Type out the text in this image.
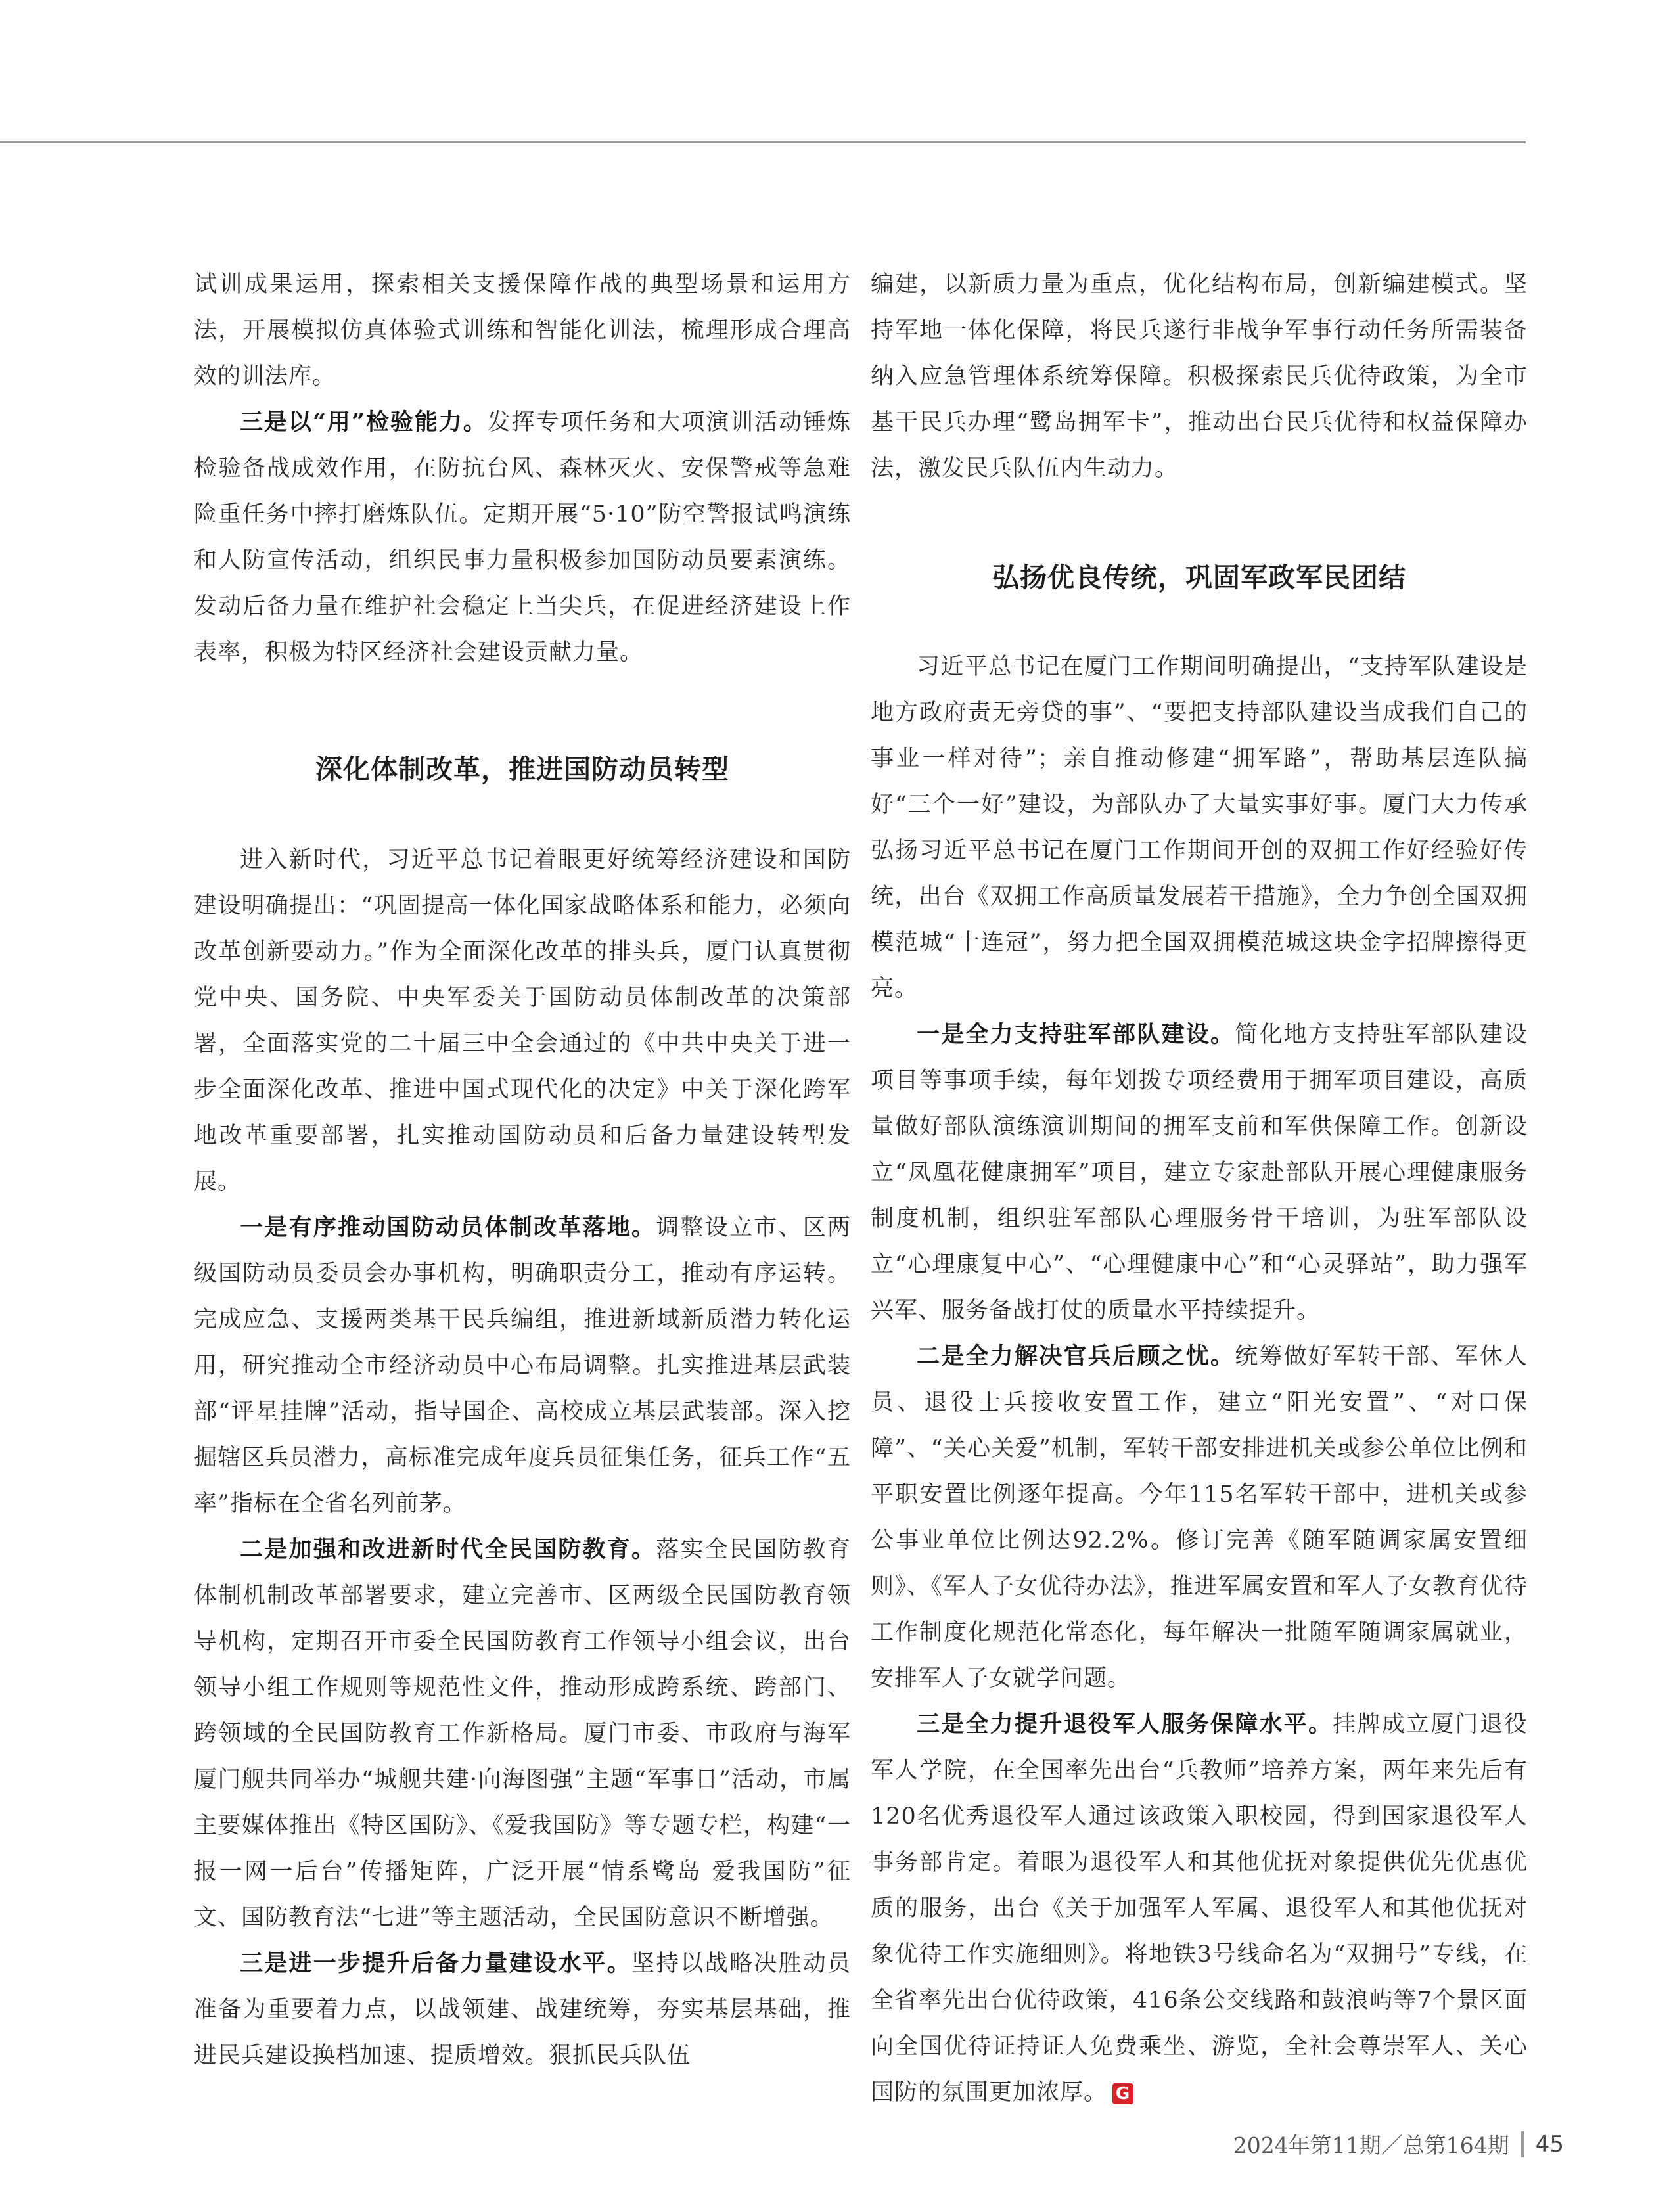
试训成果运用，探索相关支援保障作战的典型场景和运用方法，开展模拟仿真体验式训练和智能化训法，梳理形成合理高效的训法库。

三是以“用”检验能力。发挥专项任务和大项演训活动锤炼检验备战成效作用，在防抗台风、森林灭火、安保警戒等急难险重任务中摔打磨炼队伍。定期开展“5·10”防空警报试鸣演练和人防宣传活动，组织民事力量积极参加国防动员要素演练。发动后备力量在维护社会稳定上当尖兵，在促进经济建设上作表率，积极为特区经济社会建设贡献力量。

深化体制改革，推进国防动员转型

进入新时代，习近平总书记着眼更好统筹经济建设和国防建设明确提出：“巩固提高一体化国家战略体系和能力，必须向改革创新要动力。”作为全面深化改革的排头兵，厦门认真贯彻党中央、国务院、中央军委关于国防动员体制改革的决策部署，全面落实党的二十届三中全会通过的《中共中央关于进一步全面深化改革、推进中国式现代化的决定》中关于深化跨军地改革重要部署，扎实推动国防动员和后备力量建设转型发展。

一是有序推动国防动员体制改革落地。调整设立市、区两级国防动员委员会办事机构，明确职责分工，推动有序运转。完成应急、支援两类基干民兵编组，推进新域新质潜力转化运用，研究推动全市经济动员中心布局调整。扎实推进基层武装部“评星挂牌”活动，指导国企、高校成立基层武装部。深入挖掘辖区兵员潜力，高标准完成年度兵员征集任务，征兵工作“五率”指标在全省名列前茅。

二是加强和改进新时代全民国防教育。落实全民国防教育体制机制改革部署要求，建立完善市、区两级全民国防教育领导机构，定期召开市委全民国防教育工作领导小组会议，出台领导小组工作规则等规范性文件，推动形成跨系统、跨部门、跨领域的全民国防教育工作新格局。厦门市委、市政府与海军厦门舰共同举办“城舰共建·向海图强”主题“军事日”活动，市属主要媒体推出《特区国防》、《爱我国防》等专题专栏，构建“一报一网一后台”传播矩阵，广泛开展“情系鹭岛 爱我国防”征文、国防教育法“七进”等主题活动，全民国防意识不断增强。

三是进一步提升后备力量建设水平。坚持以战略决胜动员准备为重要着力点，以战领建、战建统筹，夯实基层基础，推进民兵建设换档加速、提质增效。狠抓民兵队伍

编建，以新质力量为重点，优化结构布局，创新编建模式。坚持军地一体化保障，将民兵遂行非战争军事行动任务所需装备纳入应急管理体系统筹保障。积极探索民兵优待政策，为全市基干民兵办理“鹭岛拥军卡”，推动出台民兵优待和权益保障办法，激发民兵队伍内生动力。

弘扬优良传统，巩固军政军民团结

习近平总书记在厦门工作期间明确提出，“支持军队建设是地方政府责无旁贷的事”、“要把支持部队建设当成我们自己的事业一样对待”；亲自推动修建“拥军路”，帮助基层连队搞好“三个一好”建设，为部队办了大量实事好事。厦门大力传承弘扬习近平总书记在厦门工作期间开创的双拥工作好经验好传统，出台《双拥工作高质量发展若干措施》，全力争创全国双拥模范城“十连冠”，努力把全国双拥模范城这块金字招牌擦得更亮。

一是全力支持驻军部队建设。简化地方支持驻军部队建设项目等事项手续，每年划拨专项经费用于拥军项目建设，高质量做好部队演练演训期间的拥军支前和军供保障工作。创新设立“凤凰花健康拥军”项目，建立专家赴部队开展心理健康服务制度机制，组织驻军部队心理服务骨干培训，为驻军部队设立“心理康复中心”、“心理健康中心”和“心灵驿站”，助力强军兴军、服务备战打仗的质量水平持续提升。

二是全力解决官兵后顾之忧。统筹做好军转干部、军休人员、退役士兵接收安置工作，建立“阳光安置”、“对口保障”、“关心关爱”机制，军转干部安排进机关或参公单位比例和平职安置比例逐年提高。今年115名军转干部中，进机关或参公事业单位比例达92.2%。修订完善《随军随调家属安置细则》、《军人子女优待办法》，推进军属安置和军人子女教育优待工作制度化规范化常态化，每年解决一批随军随调家属就业，安排军人子女就学问题。

三是全力提升退役军人服务保障水平。挂牌成立厦门退役军人学院，在全国率先出台“兵教师”培养方案，两年来先后有120名优秀退役军人通过该政策入职校园，得到国家退役军人事务部肯定。着眼为退役军人和其他优抚对象提供优先优惠优质的服务，出台《关于加强军人军属、退役军人和其他优抚对象优待工作实施细则》。将地铁3号线命名为“双拥号”专线，在全省率先出台优待政策，416条公交线路和鼓浪屿等7个景区面向全国优待证持证人免费乘坐、游览，全社会尊崇军人、关心国防的氛围更加浓厚。 G

2024年第11期／总第164期 45
